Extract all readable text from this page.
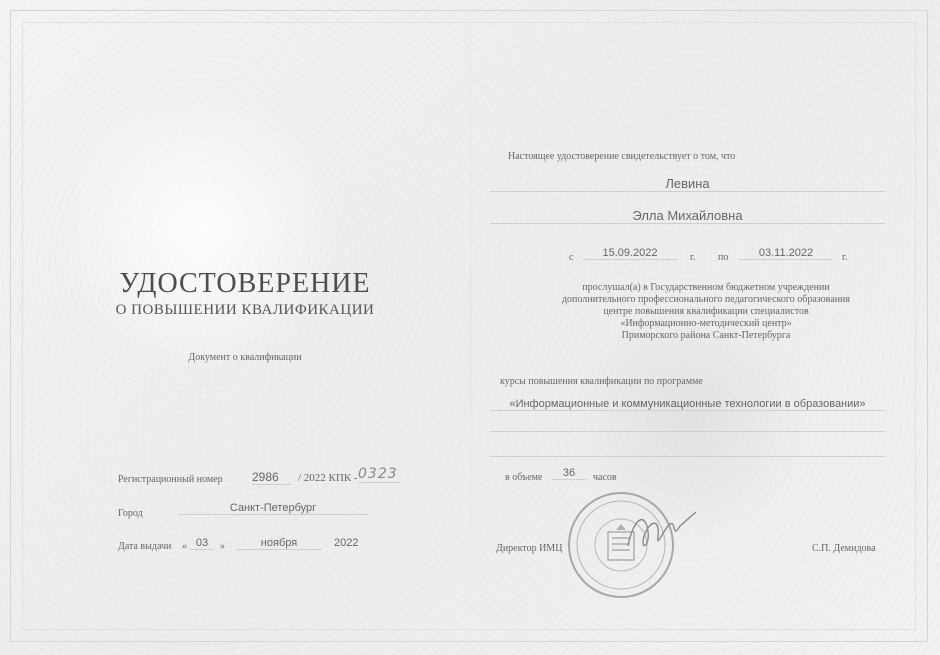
УДОСТОВЕРЕНИЕ
О ПОВЫШЕНИИ КВАЛИФИКАЦИИ
Документ о квалификации
Регистрационный номер 2986	/ 2022 КПК - 0323
Город	Санкт-Петербург
Дата выдачи « 03	»	ноября	2022
Настоящее удостоверение свидетельствует о том, что
Левина
Элла Михайловна
с	15.09.2022	г. по	03.11.2022	г.
прослушал(а) в Государственном бюджетном учреждении
дополнительного профессионального педагогического образования
центре повышения квалификации специалистов
«Информационно-методический центр»
Приморского района Санкт-Петербурга
курсы повышения квалификации по программе
«Информационные и коммуникационные технологии в образовании»
в объеме	36	часов
Директор ИМЦ	С.П. Демидова
